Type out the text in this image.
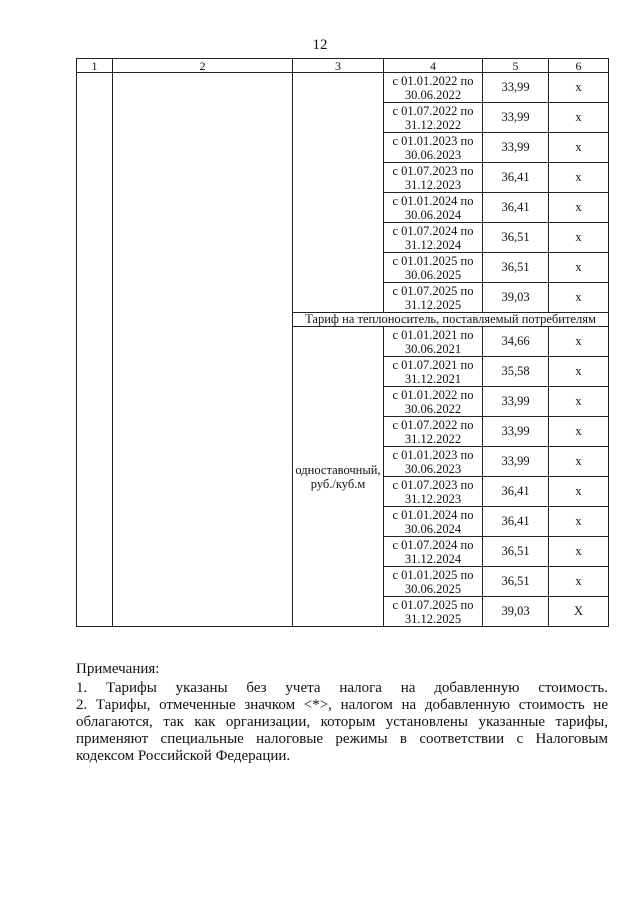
12
1	2	3	4	5	6
			с 01.01.2022 по 30.06.2022	33,99	х
			с 01.07.2022 по 31.12.2022	33,99	х
			с 01.01.2023 по 30.06.2023	33,99	х
			с 01.07.2023 по 31.12.2023	36,41	х
			с 01.01.2024 по 30.06.2024	36,41	х
			с 01.07.2024 по 31.12.2024	36,51	х
			с 01.01.2025 по 30.06.2025	36,51	х
			с 01.07.2025 по 31.12.2025	39,03	х
		Тариф на теплоноситель, поставляемый потребителям			
		одноставочный, руб./куб.м	с 01.01.2021 по 30.06.2021	34,66	х
			с 01.07.2021 по 31.12.2021	35,58	х
			с 01.01.2022 по 30.06.2022	33,99	х
			с 01.07.2022 по 31.12.2022	33,99	х
			с 01.01.2023 по 30.06.2023	33,99	х
			с 01.07.2023 по 31.12.2023	36,41	х
			с 01.01.2024 по 30.06.2024	36,41	х
			с 01.07.2024 по 31.12.2024	36,51	х
			с 01.01.2025 по 30.06.2025	36,51	х
			с 01.07.2025 по 31.12.2025	39,03	Х
Примечания:

1. Тарифы указаны без учета налога на добавленную стоимость.

2. Тарифы, отмеченные значком <*>, налогом на добавленную стоимость не облагаются, так как организации, которым установлены указанные тарифы, применяют специальные налоговые режимы в соответствии с Налоговым кодексом Российской Федерации.
